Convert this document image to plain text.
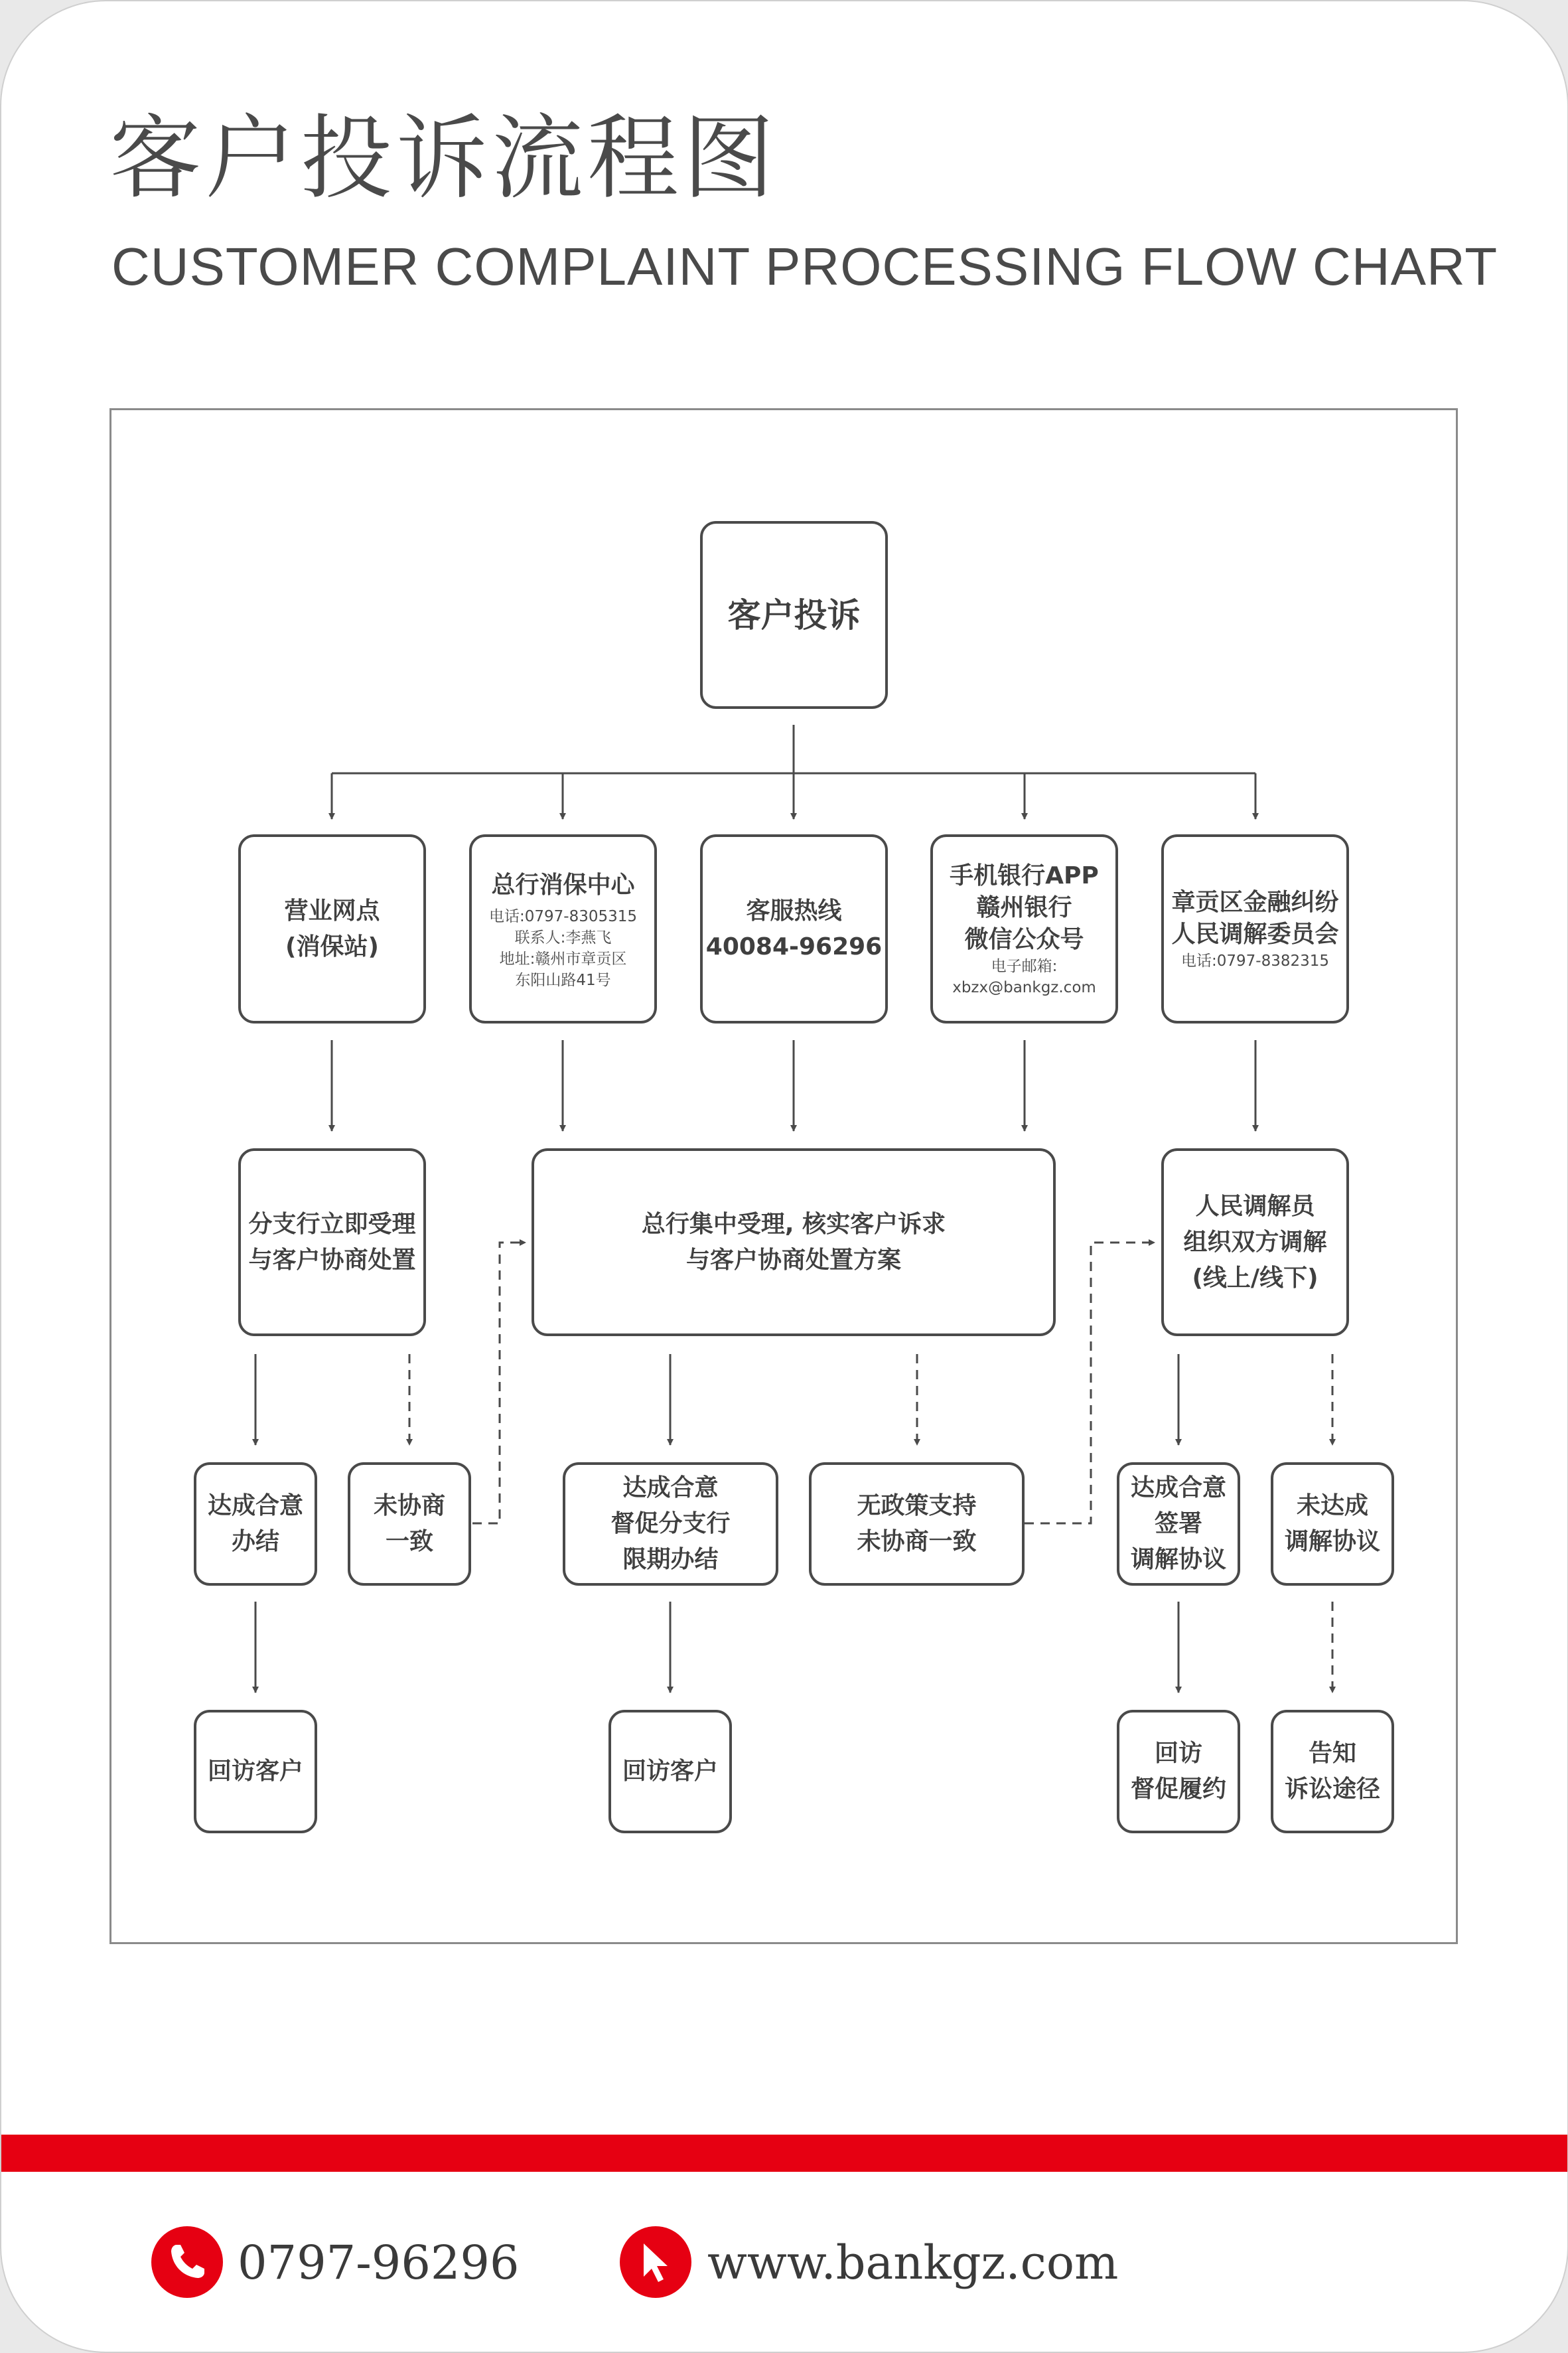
客户投诉流程图
CUSTOMER COMPLAINT PROCESSING FLOW CHART
客户投诉
营业网点
(消保站)
总行消保中心
电话:0797-8305315
联系人:李燕飞
地址:赣州市章贡区
东阳山路41号
客服热线
40084-96296
手机银行APP
赣州银行
微信公众号
电子邮箱:
xbzx@bankgz.com
章贡区金融纠纷
人民调解委员会
电话:0797-8382315
分支行立即受理
与客户协商处置
总行集中受理, 核实客户诉求
与客户协商处置方案
人民调解员
组织双方调解
(线上/线下)
达成合意
办结
未协商
一致
达成合意
督促分支行
限期办结
无政策支持
未协商一致
达成合意
签署
调解协议
未达成
调解协议
回访客户	回访客户
回访
督促履约
告知
诉讼途径
0797-96296	www.bankgz.com
